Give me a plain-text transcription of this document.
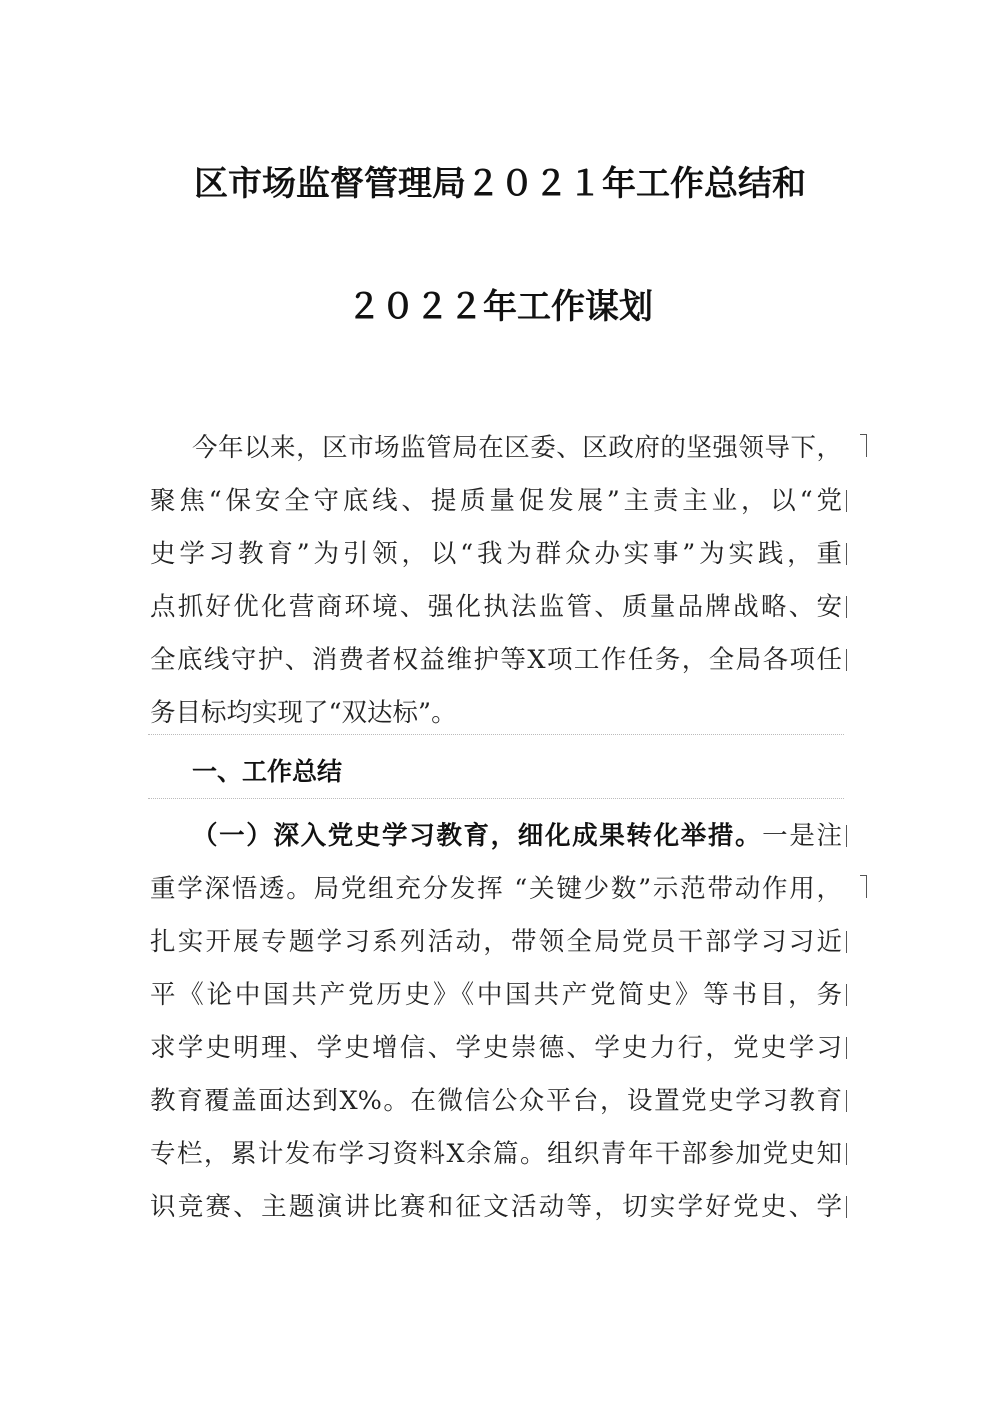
区市场监督管理局２０２１年工作总结和
２０２２年工作谋划
今年以来，区市场监管局在区委、区政府的坚强领导下，
聚焦“保安全守底线、提质量促发展”主责主业，以“党
史学习教育”为引领，以“我为群众办实事”为实践，重
点抓好优化营商环境、强化执法监管、质量品牌战略、安
全底线守护、消费者权益维护等X项工作任务，全局各项任
务目标均实现了“双达标”。
一、工作总结
（一）深入党史学习教育，细化成果转化举措。一是注
重学深悟透。局党组充分发挥 “关键少数”示范带动作用，
扎实开展专题学习系列活动，带领全局党员干部学习习近
平《论中国共产党历史》《中国共产党简史》等书目，务
求学史明理、学史增信、学史崇德、学史力行，党史学习
教育覆盖面达到X%。在微信公众平台，设置党史学习教育
专栏，累计发布学习资料X余篇。组织青年干部参加党史知
识竞赛、主题演讲比赛和征文活动等，切实学好党史、学
